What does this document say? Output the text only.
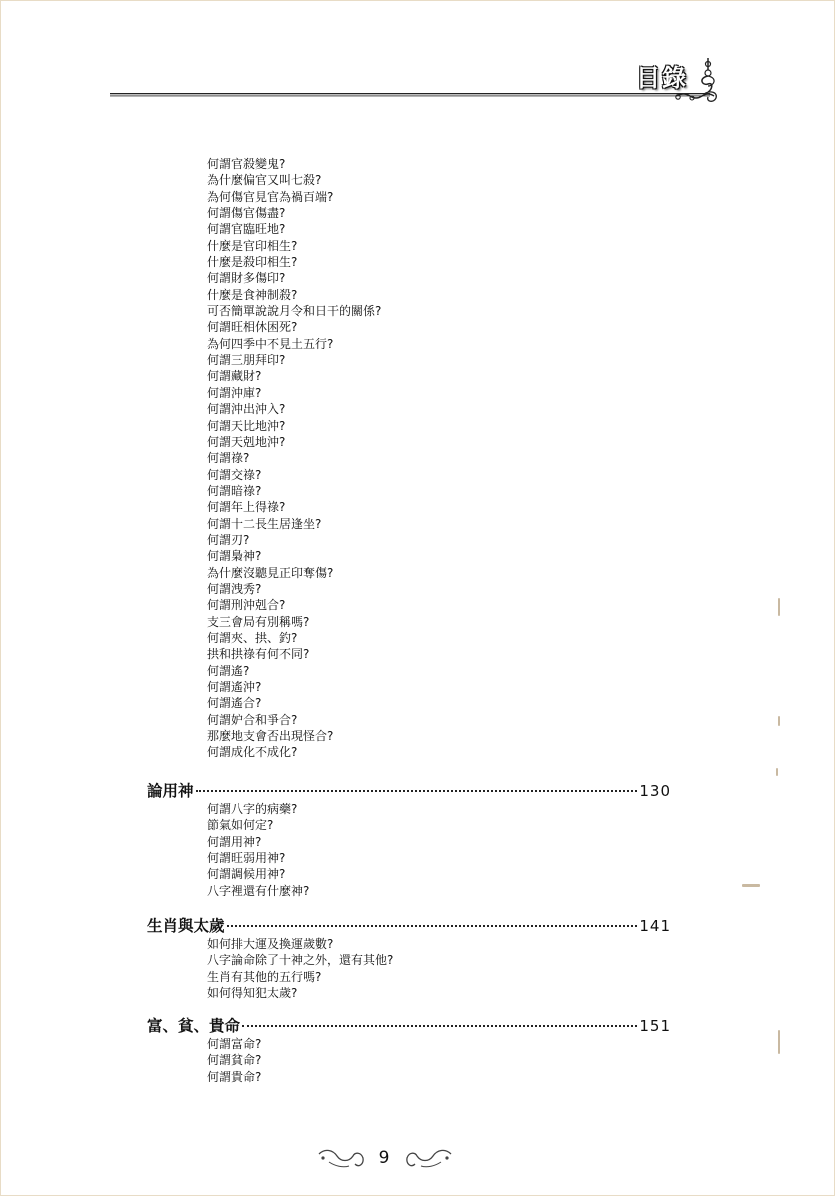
目錄
何謂官殺變鬼?
為什麼偏官又叫七殺?
為何傷官見官為禍百端?
何謂傷官傷盡?
何謂官臨旺地?
什麼是官印相生?
什麼是殺印相生?
何謂財多傷印?
什麼是食神制殺?
可否簡單說說月令和日干的關係?
何謂旺相休困死?
為何四季中不見土五行?
何謂三朋拜印?
何謂藏財?
何謂沖庫?
何謂沖出沖入?
何謂天比地沖?
何謂天剋地沖?
何謂祿?
何謂交祿?
何謂暗祿?
何謂年上得祿?
何謂十二長生居逢坐?
何謂刃?
何謂梟神?
為什麼沒聽見正印奪傷?
何謂洩秀?
何謂刑沖剋合?
支三會局有別稱嗎?
何謂夾、拱、釣?
拱和拱祿有何不同?
何謂遙?
何謂遙沖?
何謂遙合?
何謂妒合和爭合?
那麼地支會否出現怪合?
何謂成化不成化?
論用神	130
何謂八字的病藥?
節氣如何定?
何謂用神?
何謂旺弱用神?
何謂調候用神?
八字裡還有什麼神?
生肖與太歲	141
如何排大運及換運歲數?
八字論命除了十神之外，還有其他?
生肖有其他的五行嗎?
如何得知犯太歲?
富、貧、貴命	151
何謂富命?
何謂貧命?
何謂貴命?
9
